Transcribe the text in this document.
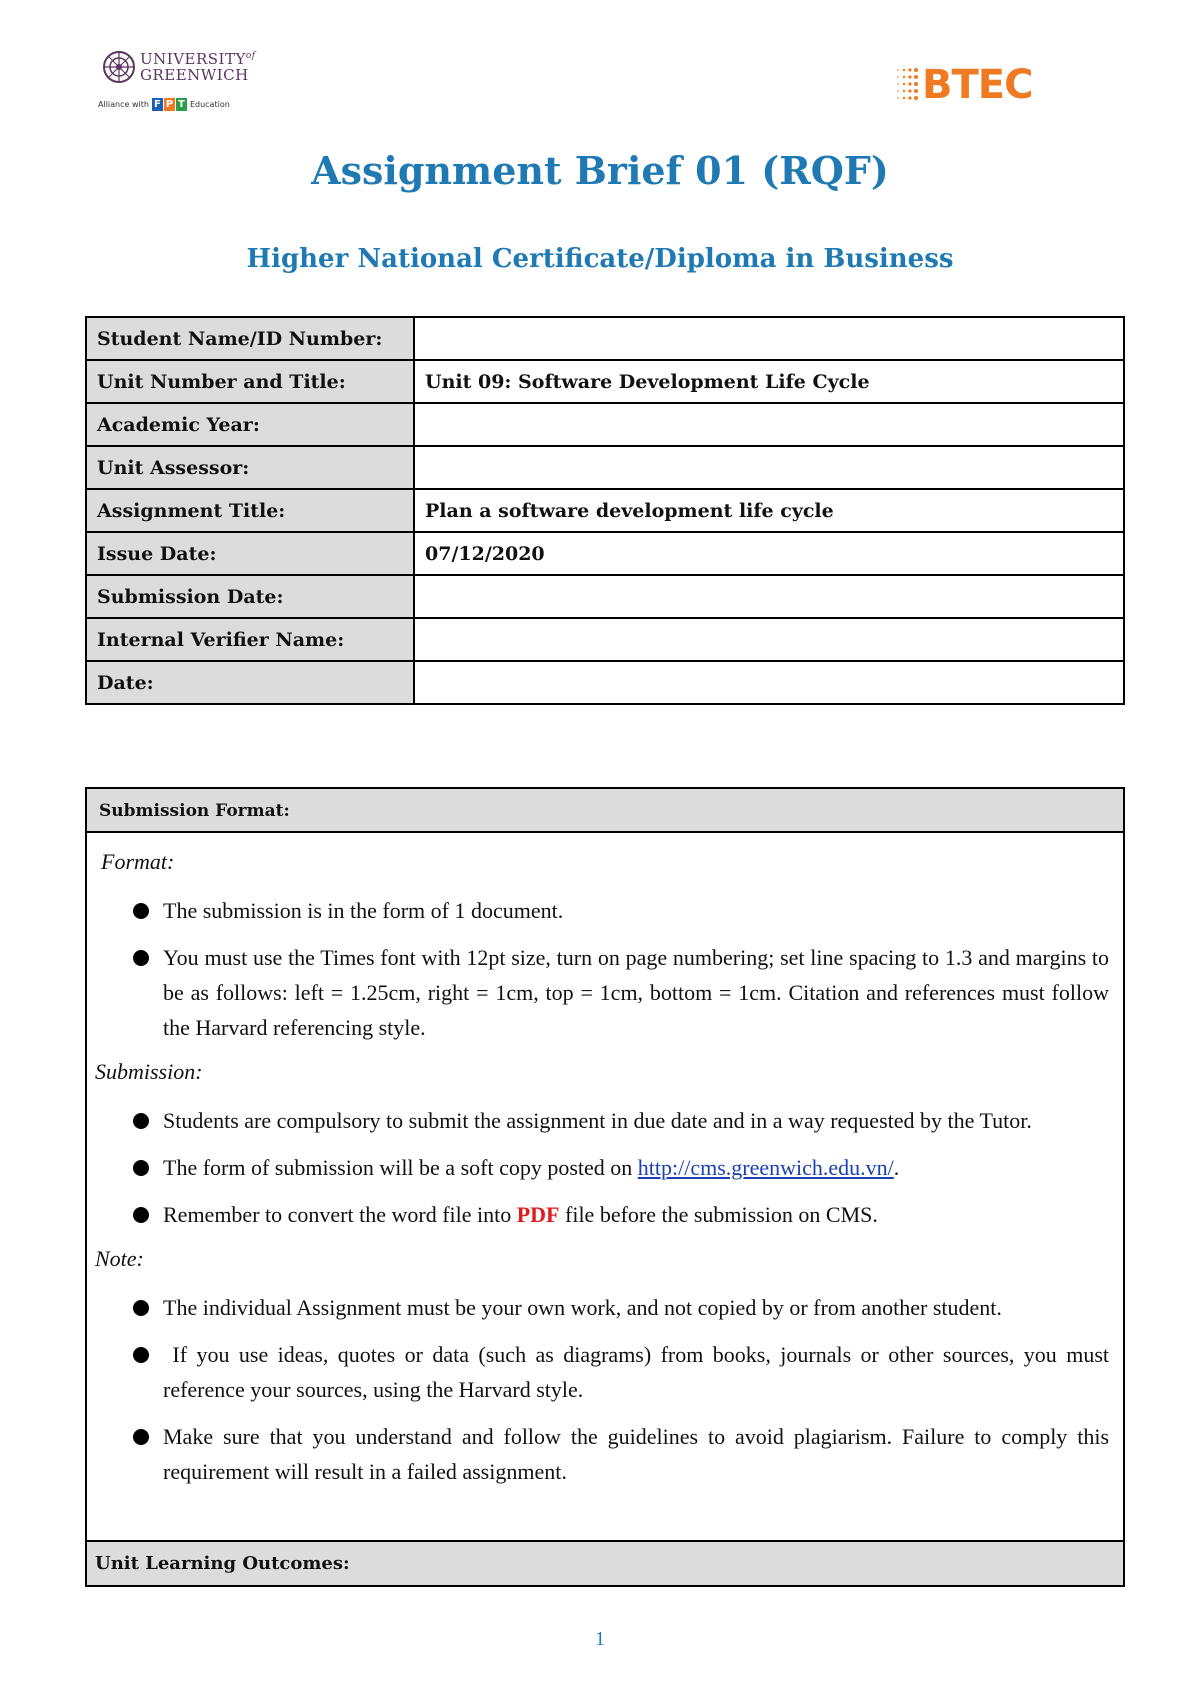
$UNIVERSITY^{of}$
GREENWICH
Alliance with F P T Education	BTEC
Assignment Brief 01 (RQF)
Higher National Certificate/Diploma in Business
Student Name/ID Number:	
Unit Number and Title:	Unit 09: Software Development Life Cycle
Academic Year:	
Unit Assessor:	
Assignment Title:	Plan a software development life cycle
Issue Date:	07/12/2020
Submission Date:	
Internal Verifier Name:	
Date:	
Submission Format:
Format:
The submission is in the form of 1 document.
You must use the Times font with 12pt size, turn on page numbering; set line spacing to 1.3 and margins to be as follows: left = 1.25cm, right = 1cm, top = 1cm, bottom = 1cm. Citation and references must follow the Harvard referencing style.
Submission:
Students are compulsory to submit the assignment in due date and in a way requested by the Tutor.
The form of submission will be a soft copy posted on http://cms.greenwich.edu.vn/.
Remember to convert the word file into PDF file before the submission on CMS.
Note:
The individual Assignment must be your own work, and not copied by or from another student.
If you use ideas, quotes or data (such as diagrams) from books, journals or other sources, you must reference your sources, using the Harvard style.
Make sure that you understand and follow the guidelines to avoid plagiarism. Failure to comply this requirement will result in a failed assignment.
Unit Learning Outcomes:
1
